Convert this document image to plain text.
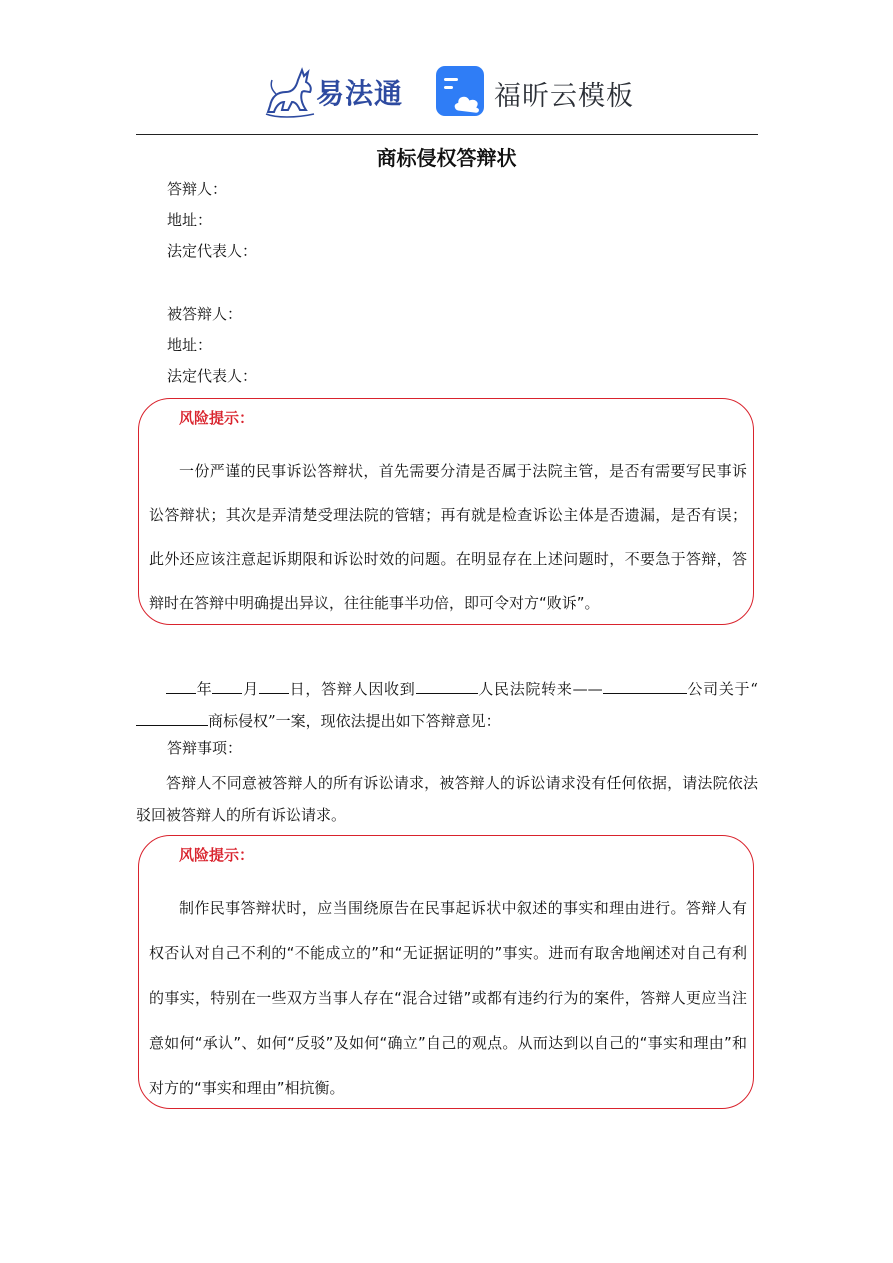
易法通	福昕云模板
商标侵权答辩状
答辩人：
地址：
法定代表人：
被答辩人：
地址：
法定代表人：
风险提示：
一份严谨的民事诉讼答辩状，首先需要分清是否属于法院主管，是否有需要写民事诉讼答辩状；其次是弄清楚受理法院的管辖；再有就是检查诉讼主体是否遗漏，是否有误；此外还应该注意起诉期限和诉讼时效的问题。在明显存在上述问题时，不要急于答辩，答辩时在答辩中明确提出异议，往往能事半功倍，即可令对方“败诉”。
年 月 日，答辩人因收到	人民法院转来——	公司关于“商标侵权”一案，现依法提出如下答辩意见：
答辩事项：
答辩人不同意被答辩人的所有诉讼请求，被答辩人的诉讼请求没有任何依据，请法院依法驳回被答辩人的所有诉讼请求。
风险提示：
制作民事答辩状时，应当围绕原告在民事起诉状中叙述的事实和理由进行。答辩人有权否认对自己不利的“不能成立的”和“无证据证明的”事实。进而有取舍地阐述对自己有利的事实，特别在一些双方当事人存在“混合过错”或都有违约行为的案件，答辩人更应当注意如何“承认”、如何“反驳”及如何“确立”自己的观点。从而达到以自己的“事实和理由”和对方的“事实和理由”相抗衡。
